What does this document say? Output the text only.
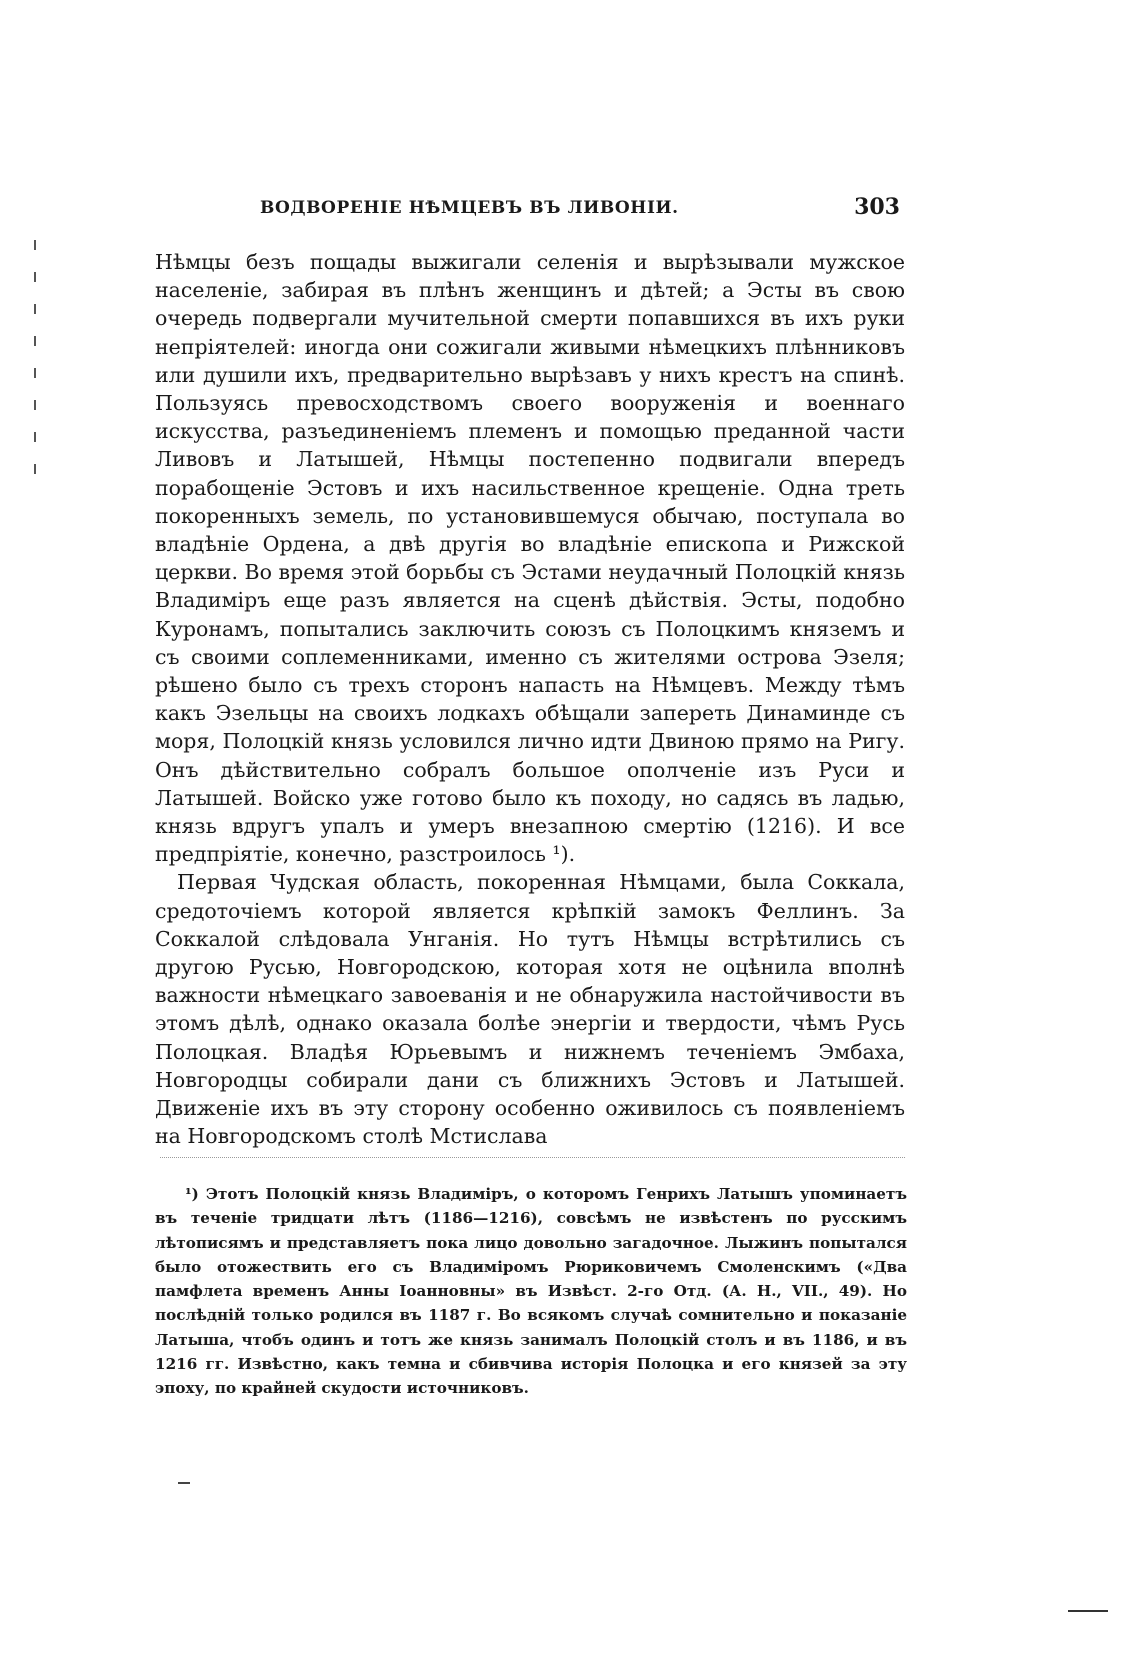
ВОДВОРЕНIЕ НѢМЦЕВЪ ВЪ ЛИВОНIИ.	303

Нѣмцы безъ пощады выжигали селенiя и вырѣзывали мужское населенiе, забирая въ плѣнъ женщинъ и дѣтей; а Эсты въ свою очередь подвергали мучительной смерти попавшихся въ ихъ руки непрiятелей: иногда они сожигали живыми нѣмецкихъ плѣнниковъ или душили ихъ, предварительно вырѣзавъ у нихъ крестъ на спинѣ. Пользуясь превосходствомъ своего вооруженiя и военнаго искусства, разъединенiемъ племенъ и помощью преданной части Ливовъ и Латышей, Нѣмцы постепенно подвигали впередъ порабощенiе Эстовъ и ихъ насильственное крещенiе. Одна треть покоренныхъ земель, по установившемуся обычаю, поступала во владѣнiе Ордена, а двѣ другiя во владѣнiе епископа и Рижской церкви. Во время этой борьбы съ Эстами неудачный Полоцкiй князь Владимiръ еще разъ является на сценѣ дѣйствiя. Эсты, подобно Куронамъ, попытались заключить союзъ съ Полоцкимъ княземъ и съ своими соплеменниками, именно съ жителями острова Эзеля; рѣшено было съ трехъ сторонъ напасть на Нѣмцевъ. Между тѣмъ какъ Эзельцы на своихъ лодкахъ обѣщали запереть Динаминде съ моря, Полоцкiй князь условился лично идти Двиною прямо на Ригу. Онъ дѣйствительно собралъ большое ополченiе изъ Руси и Латышей. Войско уже готово было къ походу, но садясь въ ладью, князь вдругъ упалъ и умеръ внезапною смертiю (1216). И все предпрiятiе, конечно, разстроилось ¹).

Первая Чудская область, покоренная Нѣмцами, была Соккала, средоточiемъ которой является крѣпкiй замокъ Феллинъ. За Соккалой слѣдовала Унганiя. Но тутъ Нѣмцы встрѣтились съ другою Русью, Новгородскою, которая хотя не оцѣнила вполнѣ важности нѣмецкаго завоеванiя и не обнаружила настойчивости въ этомъ дѣлѣ, однако оказала болѣе энергiи и твердости, чѣмъ Русь Полоцкая. Владѣя Юрьевымъ и нижнемъ теченiемъ Эмбаха, Новгородцы собирали дани съ ближнихъ Эстовъ и Латышей. Движенiе ихъ въ эту сторону особенно оживилось съ появленiемъ на Новгородскомъ столѣ Мстислава

¹) Этотъ Полоцкiй князь Владимiръ, о которомъ Генрихъ Латышъ упоминаетъ въ теченiе тридцати лѣтъ (1186—1216), совсѣмъ не извѣстенъ по русскимъ лѣтописямъ и представляетъ пока лицо довольно загадочное. Лыжинъ попытался было отожествить его съ Владимiромъ Рюриковичемъ Смоленскимъ («Два памфлета временъ Анны Iоанновны» въ Извѣст. 2-го Отд. (А. Н., VII., 49). Но послѣднiй только родился въ 1187 г. Во всякомъ случаѣ сомнительно и показанiе Латыша, чтобъ одинъ и тотъ же князь занималъ Полоцкiй столъ и въ 1186, и въ 1216 гг. Извѣстно, какъ темна и сбивчива исторiя Полоцка и его князей за эту эпоху, по крайней скудости источниковъ.
